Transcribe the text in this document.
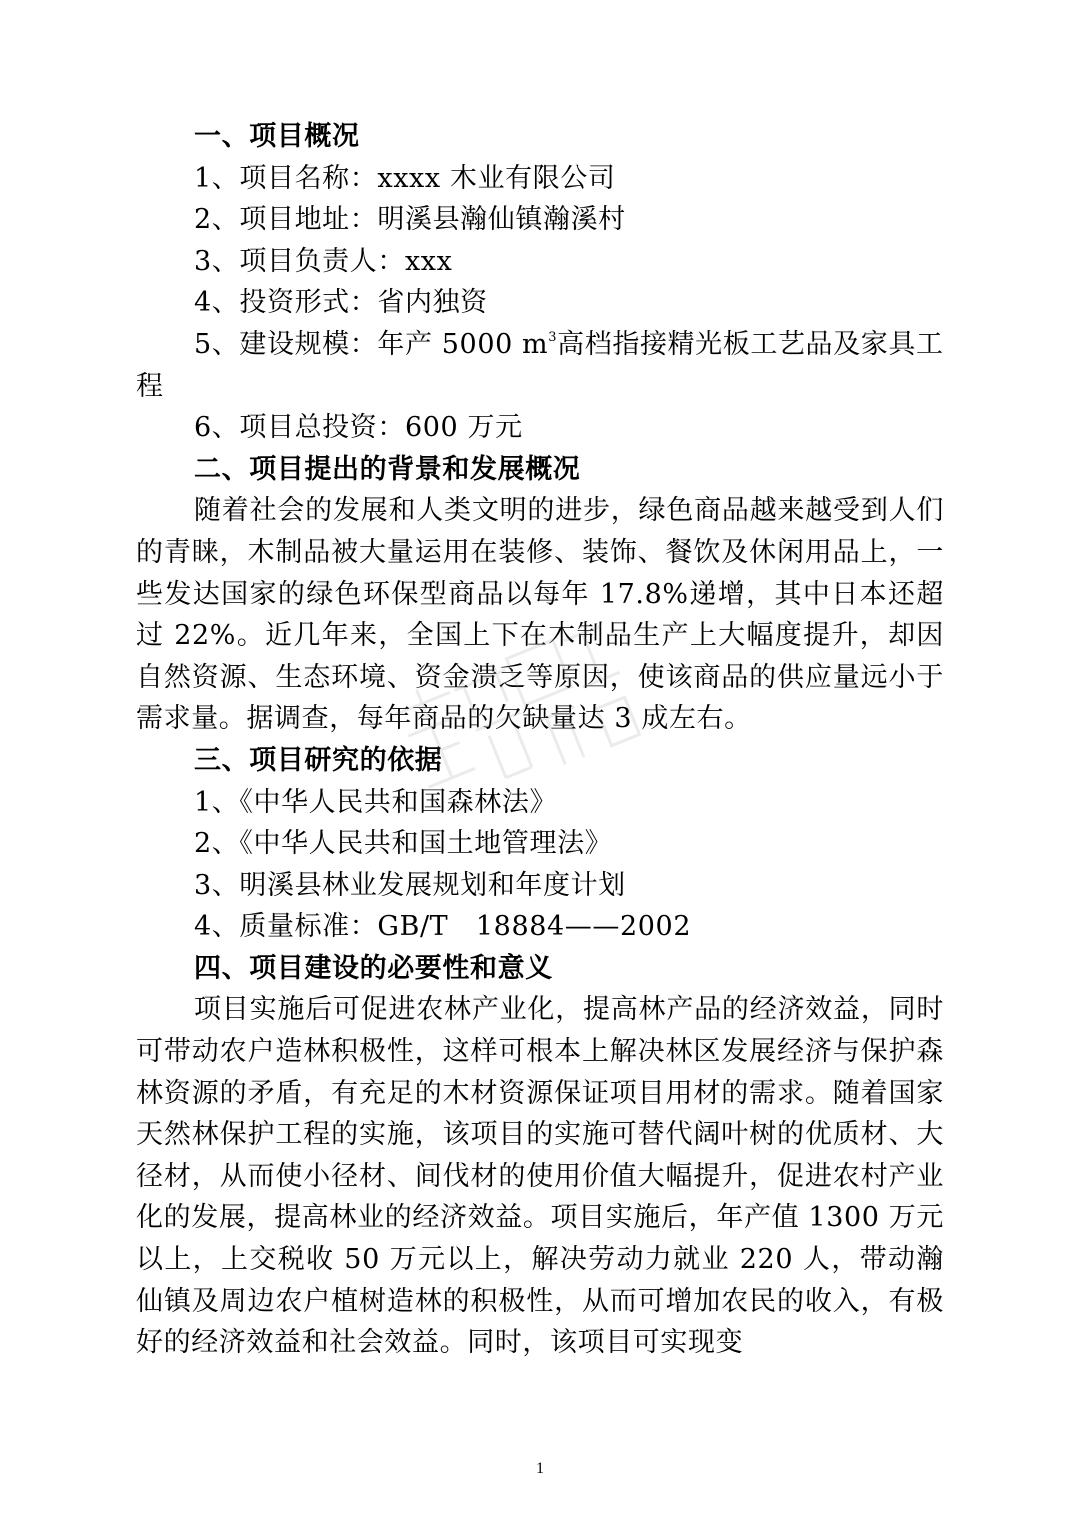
一、项目概况
1、项目名称：xxxx 木业有限公司
2、项目地址：明溪县瀚仙镇瀚溪村
3、项目负责人：xxx
4、投资形式：省内独资
5、建设规模：年产 5000 $m^3$高档指接精光板工艺品及家具工
程
6、项目总投资：600 万元
二、项目提出的背景和发展概况

随着社会的发展和人类文明的进步，绿色商品越来越受到人们的青睐，木制品被大量运用在装修、装饰、餐饮及休闲用品上，一些发达国家的绿色环保型商品以每年 17.8%递增，其中日本还超过 22%。近几年来，全国上下在木制品生产上大幅度提升，却因自然资源、生态环境、资金溃乏等原因，使该商品的供应量远小于需求量。据调查，每年商品的欠缺量达 3 成左右。

三、项目研究的依据
1、《中华人民共和国森林法》
2、《中华人民共和国土地管理法》
3、明溪县林业发展规划和年度计划
4、质量标准：GB/T　18884——2002
四、项目建设的必要性和意义

项目实施后可促进农林产业化，提高林产品的经济效益，同时可带动农户造林积极性，这样可根本上解决林区发展经济与保护森林资源的矛盾，有充足的木材资源保证项目用材的需求。随着国家天然林保护工程的实施，该项目的实施可替代阔叶树的优质材、大径材，从而使小径材、间伐材的使用价值大幅提升，促进农村产业化的发展，提高林业的经济效益。项目实施后，年产值 1300 万元以上，上交税收 50 万元以上，解决劳动力就业 220 人，带动瀚仙镇及周边农户植树造林的积极性，从而可增加农民的收入，有极好的经济效益和社会效益。同时，该项目可实现变

1
